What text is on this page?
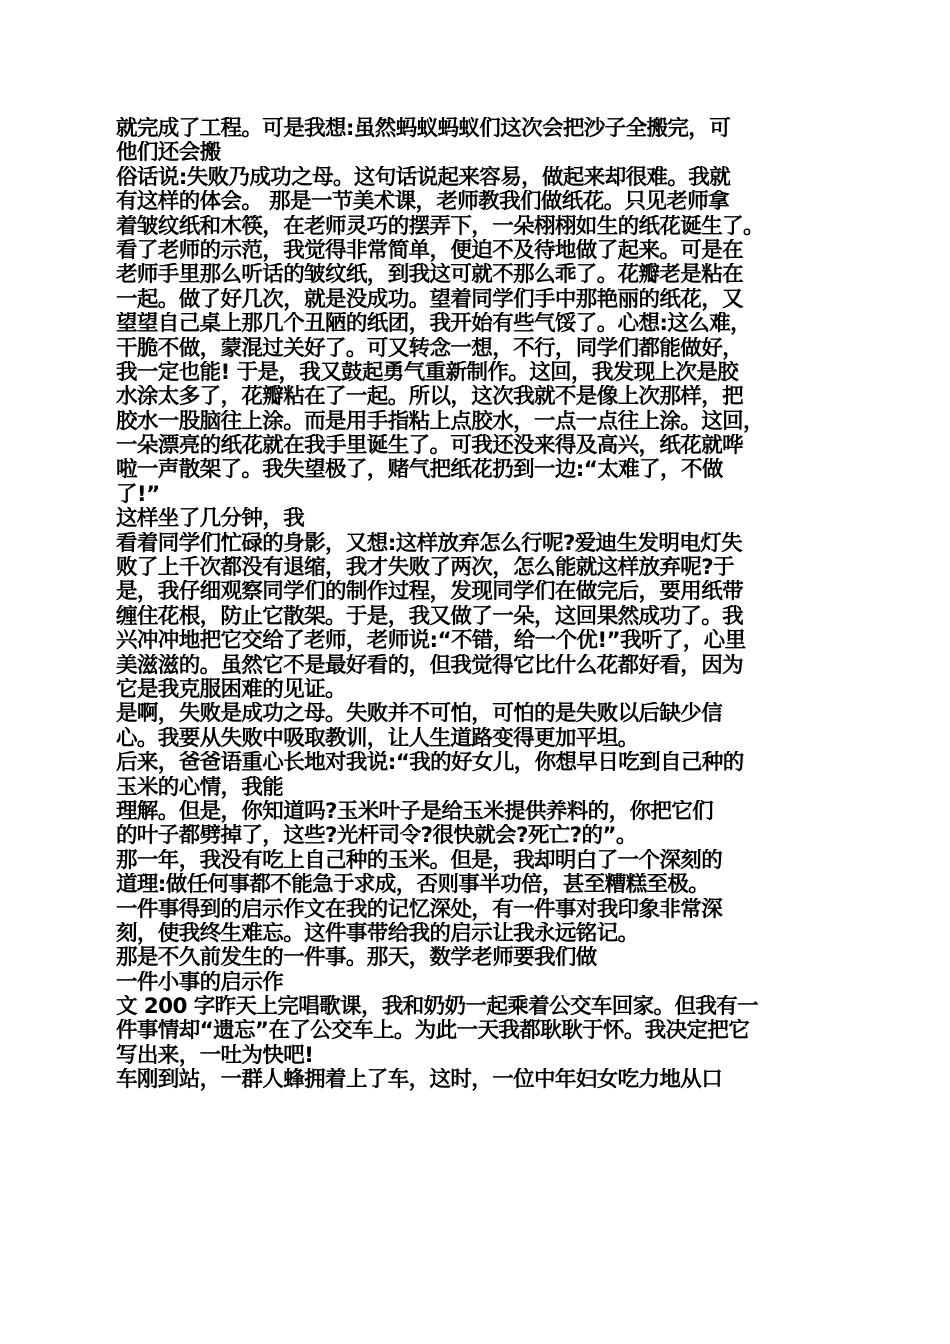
就完成了工程。可是我想:虽然蚂蚁蚂蚁们这次会把沙子全搬完，可
他们还会搬
俗话说:失败乃成功之母。这句话说起来容易，做起来却很难。我就
有这样的体会。 那是一节美术课，老师教我们做纸花。只见老师拿
着皱纹纸和木筷，在老师灵巧的摆弄下，一朵栩栩如生的纸花诞生了。
看了老师的示范，我觉得非常简单，便迫不及待地做了起来。可是在
老师手里那么听话的皱纹纸，到我这可就不那么乖了。花瓣老是粘在
一起。做了好几次，就是没成功。望着同学们手中那艳丽的纸花，又
望望自己桌上那几个丑陋的纸团，我开始有些气馁了。心想:这么难，
干脆不做，蒙混过关好了。可又转念一想，不行，同学们都能做好，
我一定也能! 于是，我又鼓起勇气重新制作。这回，我发现上次是胶
水涂太多了，花瓣粘在了一起。所以，这次我就不是像上次那样，把
胶水一股脑往上涂。而是用手指粘上点胶水，一点一点往上涂。这回，
一朵漂亮的纸花就在我手里诞生了。可我还没来得及高兴，纸花就哗
啦一声散架了。我失望极了，赌气把纸花扔到一边:“太难了，不做
了!”
这样坐了几分钟，我
看着同学们忙碌的身影，又想:这样放弃怎么行呢?爱迪生发明电灯失
败了上千次都没有退缩，我才失败了两次，怎么能就这样放弃呢?于
是，我仔细观察同学们的制作过程，发现同学们在做完后，要用纸带
缠住花根，防止它散架。于是，我又做了一朵，这回果然成功了。我
兴冲冲地把它交给了老师，老师说:“不错，给一个优!”我听了，心里
美滋滋的。虽然它不是最好看的，但我觉得它比什么花都好看，因为
它是我克服困难的见证。
是啊，失败是成功之母。失败并不可怕，可怕的是失败以后缺少信
心。我要从失败中吸取教训，让人生道路变得更加平坦。
后来，爸爸语重心长地对我说:“我的好女儿，你想早日吃到自己种的
玉米的心情，我能
理解。但是，你知道吗?玉米叶子是给玉米提供养料的，你把它们
的叶子都劈掉了，这些?光杆司令?很快就会?死亡?的”。
那一年，我没有吃上自己种的玉米。但是，我却明白了一个深刻的
道理:做任何事都不能急于求成，否则事半功倍，甚至糟糕至极。
一件事得到的启示作文在我的记忆深处，有一件事对我印象非常深
刻，使我终生难忘。这件事带给我的启示让我永远铭记。
那是不久前发生的一件事。那天，数学老师要我们做
一件小事的启示作
文 200 字昨天上完唱歌课，我和奶奶一起乘着公交车回家。但我有一
件事情却“遗忘”在了公交车上。为此一天我都耿耿于怀。我决定把它
写出来，一吐为快吧!
车刚到站，一群人蜂拥着上了车，这时，一位中年妇女吃力地从口
